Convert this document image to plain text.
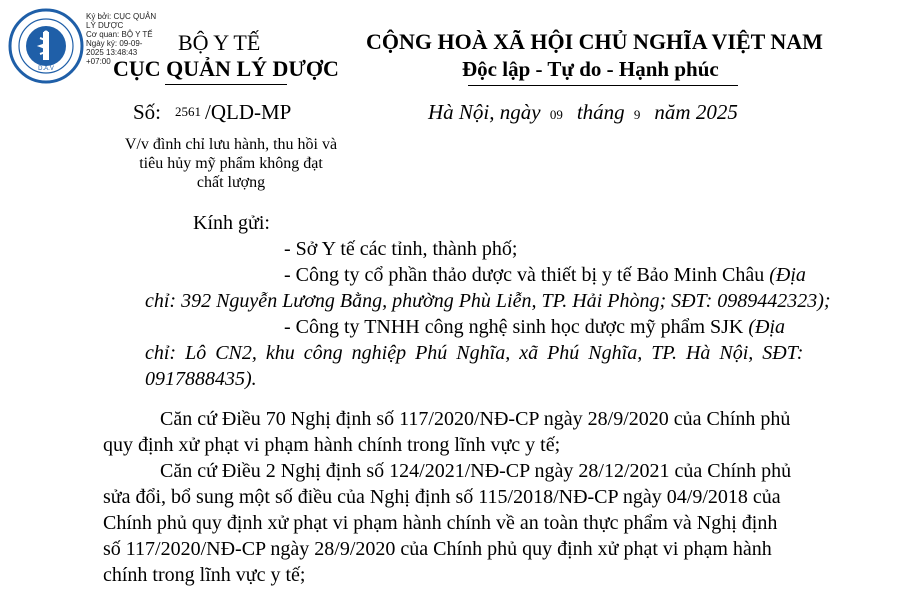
D.A.V
Ký bởi: CỤC QUẢN
LÝ DƯỢC
Cơ quan: BỘ Y TẾ
Ngày ký: 09-09-
2025 13:48:43
+07:00
BỘ Y TẾ
CỤC QUẢN LÝ DƯỢC
CỘNG HOÀ XÃ HỘI CHỦ NGHĨA VIỆT NAM
Độc lập - Tự do - Hạnh phúc
Số: 2561 /QLD-MP	Hà Nội, ngày 09 tháng 9 năm 2025
V/v đình chỉ lưu hành, thu hồi và
tiêu hủy mỹ phẩm không đạt
chất lượng
Kính gửi:
- Sở Y tế các tỉnh, thành phố;
- Công ty cổ phần thảo dược và thiết bị y tế Bảo Minh Châu (Địa
chỉ: 392 Nguyễn Lương Bằng, phường Phù Liễn, TP. Hải Phòng; SĐT: 0989442323);
- Công ty TNHH công nghệ sinh học dược mỹ phẩm SJK (Địa
chỉ: Lô CN2, khu công nghiệp Phú Nghĩa, xã Phú Nghĩa, TP. Hà Nội, SĐT:
0917888435).
Căn cứ Điều 70 Nghị định số 117/2020/NĐ-CP ngày 28/9/2020 của Chính phủ
quy định xử phạt vi phạm hành chính trong lĩnh vực y tế;
Căn cứ Điều 2 Nghị định số 124/2021/NĐ-CP ngày 28/12/2021 của Chính phủ
sửa đổi, bổ sung một số điều của Nghị định số 115/2018/NĐ-CP ngày 04/9/2018 của
Chính phủ quy định xử phạt vi phạm hành chính về an toàn thực phẩm và Nghị định
số 117/2020/NĐ-CP ngày 28/9/2020 của Chính phủ quy định xử phạt vi phạm hành
chính trong lĩnh vực y tế;
